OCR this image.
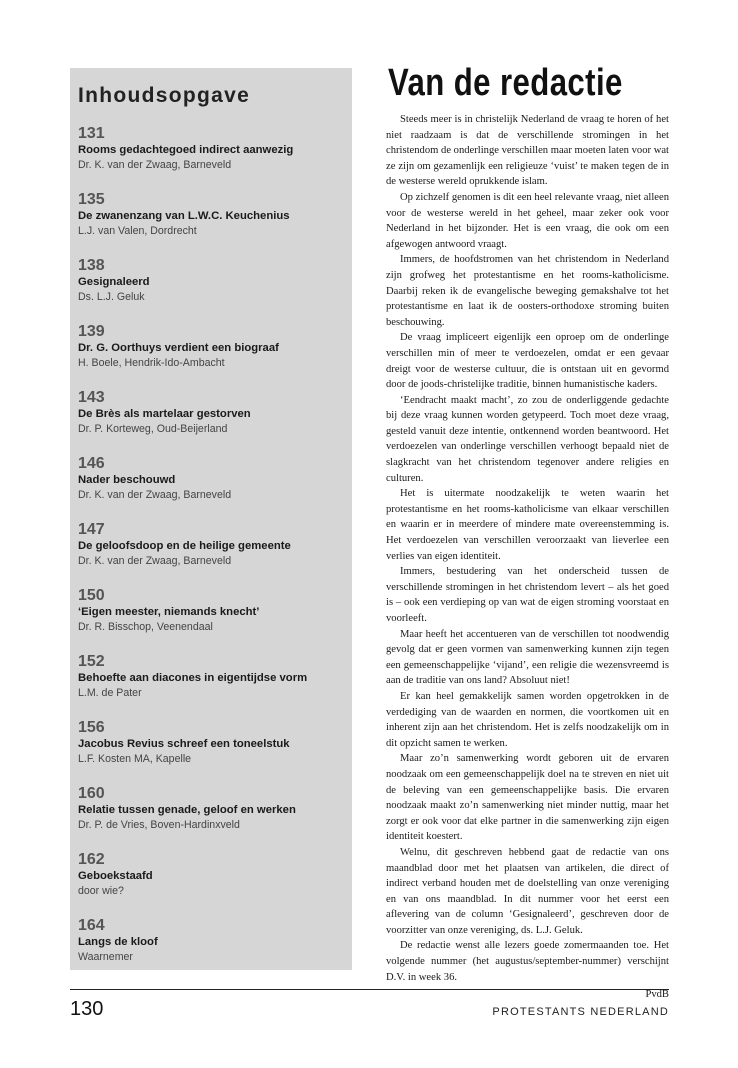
Inhoudsopgave
131
Rooms gedachtegoed indirect aanwezig
Dr. K. van der Zwaag, Barneveld
135
De zwanenzang van L.W.C. Keuchenius
L.J. van Valen, Dordrecht
138
Gesignaleerd
Ds. L.J. Geluk
139
Dr. G. Oorthuys verdient een biograaf
H. Boele, Hendrik-Ido-Ambacht
143
De Brès als martelaar gestorven
Dr. P. Korteweg, Oud-Beijerland
146
Nader beschouwd
Dr. K. van der Zwaag, Barneveld
147
De geloofsdoop en de heilige gemeente
Dr. K. van der Zwaag, Barneveld
150
‘Eigen meester, niemands knecht’
Dr. R. Bisschop, Veenendaal
152
Behoefte aan diacones in eigentijdse vorm
L.M. de Pater
156
Jacobus Revius schreef een toneelstuk
L.F. Kosten MA, Kapelle
160
Relatie tussen genade, geloof en werken
Dr. P. de Vries, Boven-Hardinxveld
162
Geboekstaafd
door wie?
164
Langs de kloof
Waarnemer
Van de redactie

Steeds meer is in christelijk Nederland de vraag te horen of het niet raadzaam is dat de verschillende stromingen in het christendom de onderlinge verschillen maar moeten laten voor wat ze zijn om gezamenlijk een religieuze ‘vuist’ te maken tegen de in de westerse wereld oprukkende islam.

Op zichzelf genomen is dit een heel relevante vraag, niet alleen voor de westerse wereld in het geheel, maar zeker ook voor Nederland in het bijzonder. Het is een vraag, die ook om een afgewogen antwoord vraagt.

Immers, de hoofdstromen van het christendom in Nederland zijn grofweg het protestantisme en het rooms-katholicisme. Daarbij reken ik de evangelische beweging gemakshalve tot het protestantisme en laat ik de oosters-orthodoxe stroming buiten beschouwing.

De vraag impliceert eigenlijk een oproep om de onderlinge verschillen min of meer te verdoezelen, omdat er een gevaar dreigt voor de westerse cultuur, die is ontstaan uit en gevormd door de joods-christelijke traditie, binnen humanistische kaders.

‘Eendracht maakt macht’, zo zou de onderliggende gedachte bij deze vraag kunnen worden getypeerd. Toch moet deze vraag, gesteld vanuit deze intentie, ontkennend worden beantwoord. Het verdoezelen van onderlinge verschillen verhoogt bepaald niet de slagkracht van het christendom tegenover andere religies en culturen.

Het is uitermate noodzakelijk te weten waarin het protestantisme en het rooms-katholicisme van elkaar verschillen en waarin er in meerdere of mindere mate overeenstemming is. Het verdoezelen van verschillen veroorzaakt van lieverlee een verlies van eigen identiteit.

Immers, bestudering van het onderscheid tussen de verschillende stromingen in het christendom levert – als het goed is – ook een verdieping op van wat de eigen stroming voorstaat en voorleeft.

Maar heeft het accentueren van de verschillen tot noodwendig gevolg dat er geen vormen van samenwerking kunnen zijn tegen een gemeenschappelijke ‘vijand’, een religie die wezensvreemd is aan de traditie van ons land? Absoluut niet!

Er kan heel gemakkelijk samen worden opgetrokken in de verdediging van de waarden en normen, die voortkomen uit en inherent zijn aan het christendom. Het is zelfs noodzakelijk om in dit opzicht samen te werken.

Maar zo’n samenwerking wordt geboren uit de ervaren noodzaak om een gemeenschappelijk doel na te streven en niet uit de beleving van een gemeenschappelijke basis. Die ervaren noodzaak maakt zo’n samenwerking niet minder nuttig, maar het zorgt er ook voor dat elke partner in die samenwerking zijn eigen identiteit koestert.

Welnu, dit geschreven hebbend gaat de redactie van ons maandblad door met het plaatsen van artikelen, die direct of indirect verband houden met de doelstelling van onze vereniging en van ons maandblad. In dit nummer voor het eerst een aflevering van de column ‘Gesignaleerd’, geschreven door de voorzitter van onze vereniging, ds. L.J. Geluk.

De redactie wenst alle lezers goede zomermaanden toe. Het volgende nummer (het augustus/september-nummer) verschijnt D.V. in week 36.

PvdB
130	PROTESTANTS NEDERLAND
